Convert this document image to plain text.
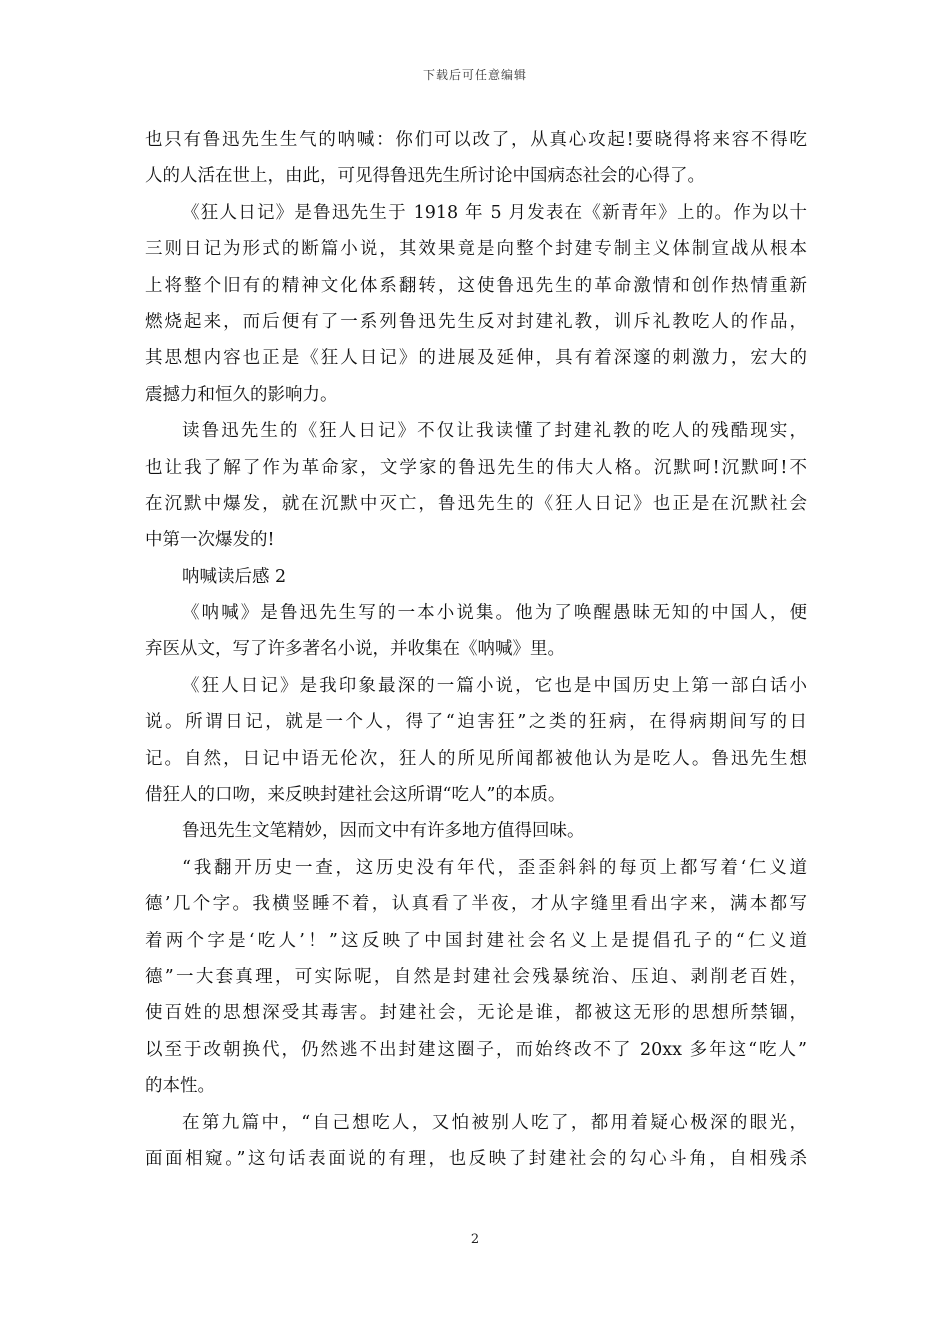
下载后可任意编辑
也只有鲁迅先生生气的呐喊：你们可以改了，从真心攻起!要晓得将来容不得吃
人的人活在世上，由此，可见得鲁迅先生所讨论中国病态社会的心得了。
《狂人日记》是鲁迅先生于 1918 年 5 月发表在《新青年》上的。作为以十
三则日记为形式的断篇小说，其效果竟是向整个封建专制主义体制宣战从根本
上将整个旧有的精神文化体系翻转，这使鲁迅先生的革命激情和创作热情重新
燃烧起来，而后便有了一系列鲁迅先生反对封建礼教，训斥礼教吃人的作品，
其思想内容也正是《狂人日记》的进展及延伸，具有着深邃的刺激力，宏大的
震撼力和恒久的影响力。
读鲁迅先生的《狂人日记》不仅让我读懂了封建礼教的吃人的残酷现实，
也让我了解了作为革命家，文学家的鲁迅先生的伟大人格。沉默呵!沉默呵!不
在沉默中爆发，就在沉默中灭亡，鲁迅先生的《狂人日记》也正是在沉默社会
中第一次爆发的!
呐喊读后感 2
《呐喊》是鲁迅先生写的一本小说集。他为了唤醒愚昧无知的中国人，便
弃医从文，写了许多著名小说，并收集在《呐喊》里。
《狂人日记》是我印象最深的一篇小说，它也是中国历史上第一部白话小
说。所谓日记，就是一个人，得了“迫害狂”之类的狂病，在得病期间写的日
记。自然，日记中语无伦次，狂人的所见所闻都被他认为是吃人。鲁迅先生想
借狂人的口吻，来反映封建社会这所谓“吃人”的本质。
鲁迅先生文笔精妙，因而文中有许多地方值得回味。
“我翻开历史一查，这历史没有年代，歪歪斜斜的每页上都写着‘仁义道
德’几个字。我横竖睡不着，认真看了半夜，才从字缝里看出字来，满本都写
着两个字是‘吃人’！”这反映了中国封建社会名义上是提倡孔子的“仁义道
德”一大套真理，可实际呢，自然是封建社会残暴统治、压迫、剥削老百姓，
使百姓的思想深受其毒害。封建社会，无论是谁，都被这无形的思想所禁锢，
以至于改朝换代，仍然逃不出封建这圈子，而始终改不了 20xx 多年这“吃人”
的本性。
在第九篇中，“自己想吃人，又怕被别人吃了，都用着疑心极深的眼光，
面面相窥。”这句话表面说的有理，也反映了封建社会的勾心斗角，自相残杀
2
